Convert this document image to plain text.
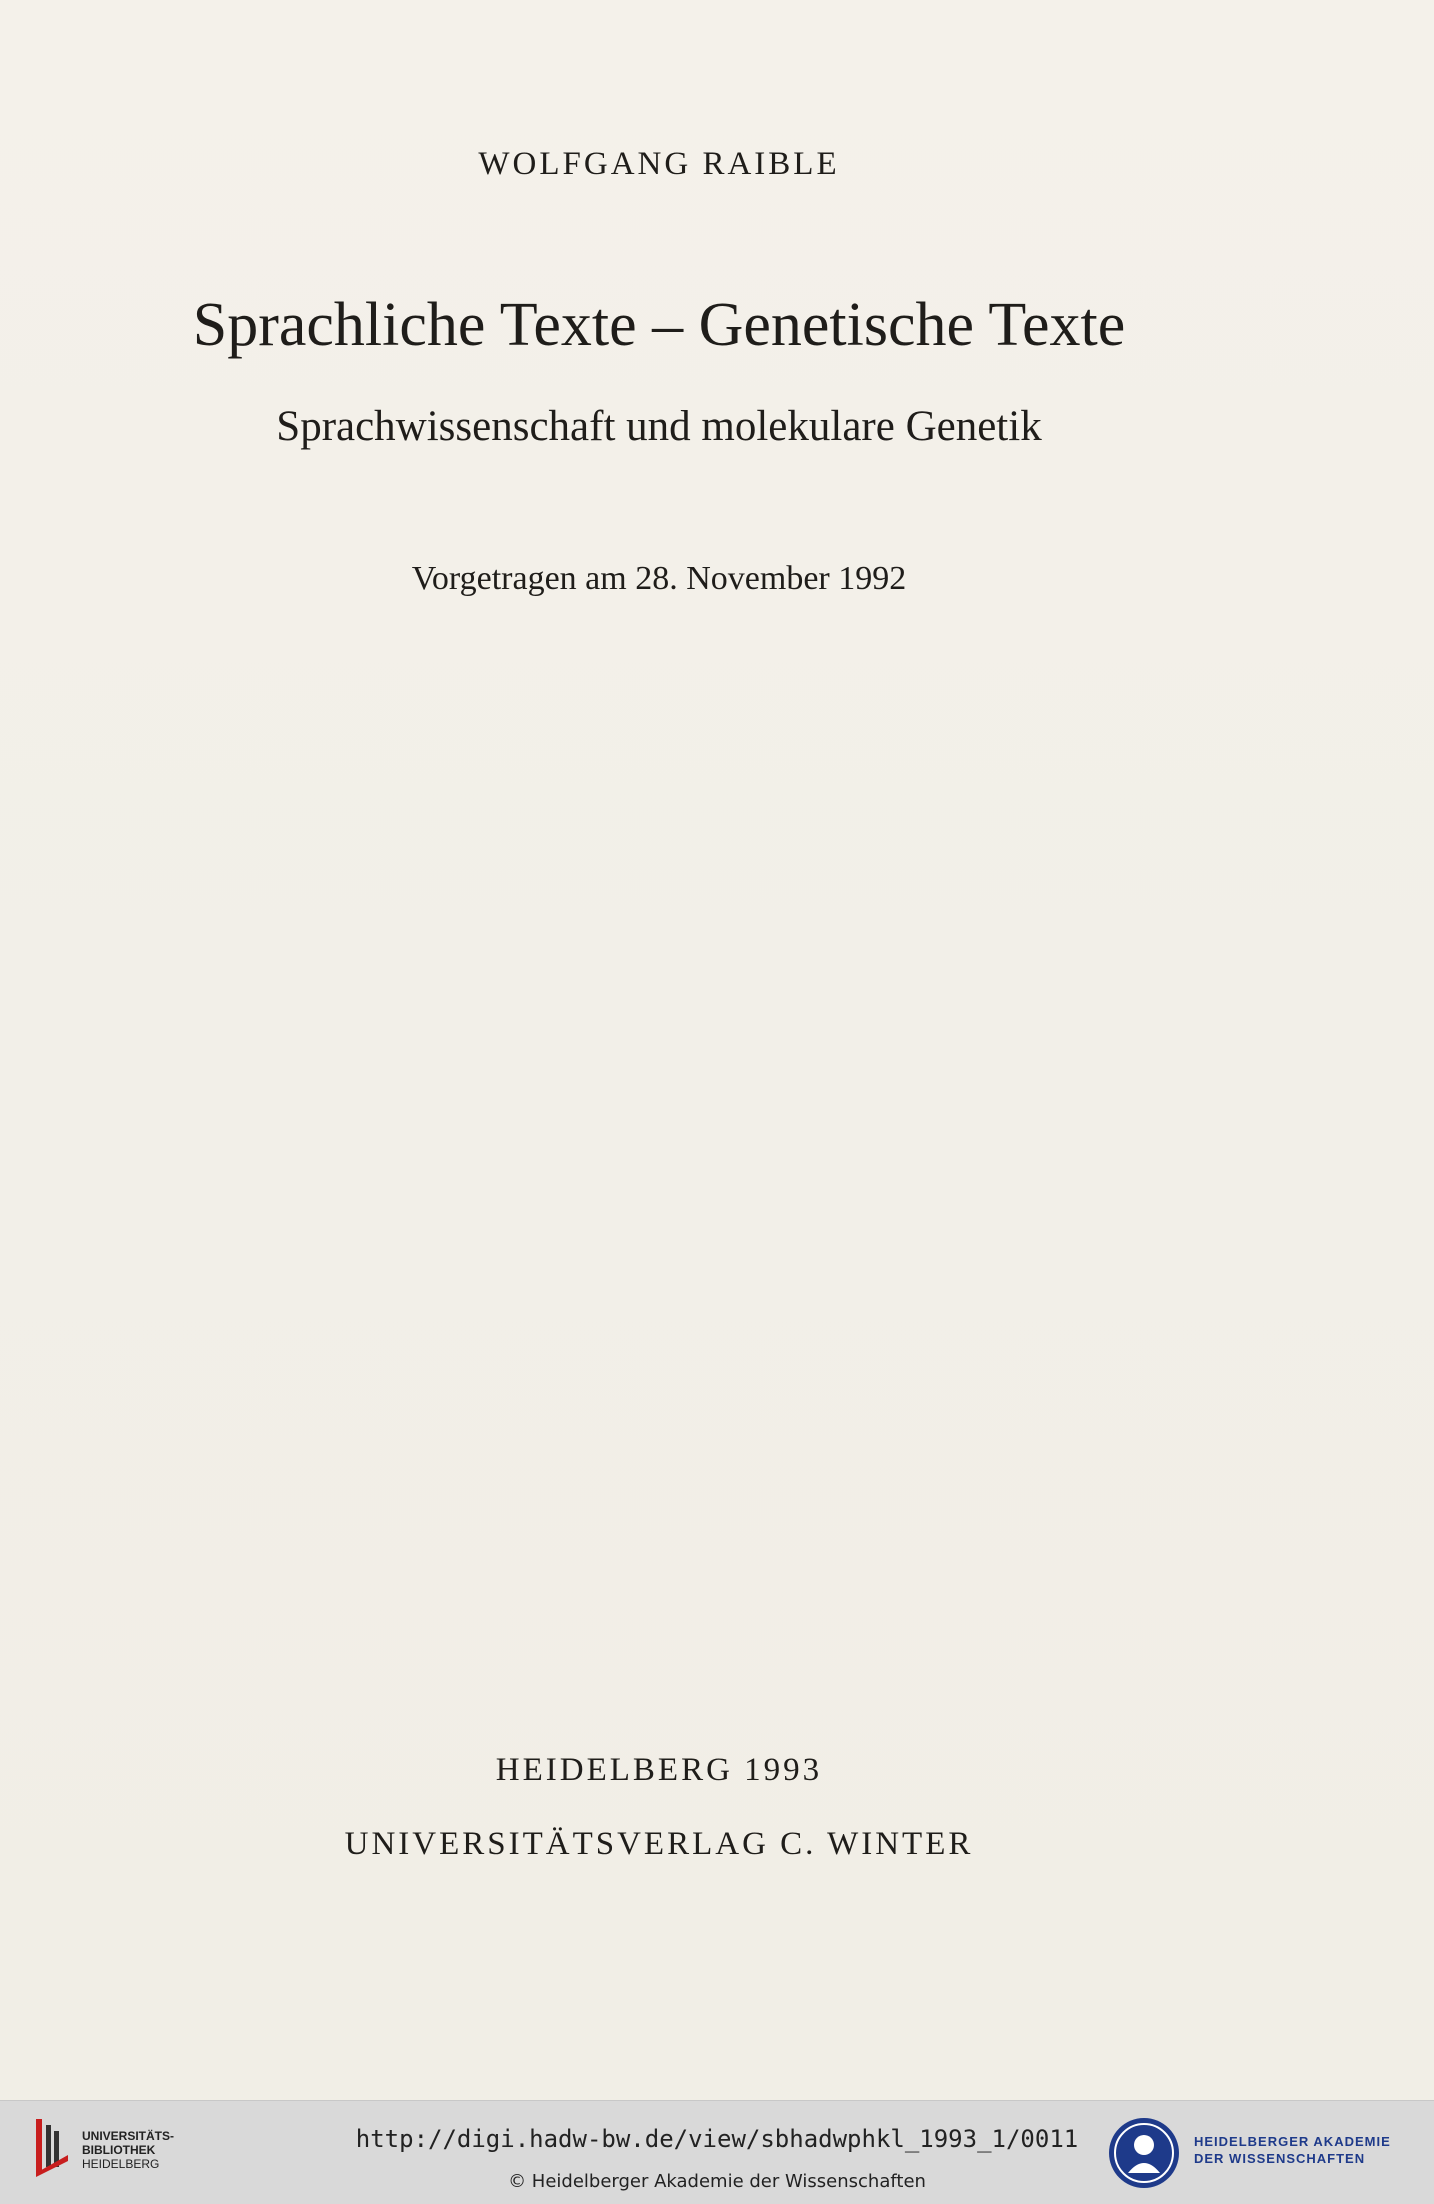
WOLFGANG RAIBLE
Sprachliche Texte – Genetische Texte
Sprachwissenschaft und molekulare Genetik
Vorgetragen am 28. November 1992
HEIDELBERG 1993
UNIVERSITÄTSVERLAG C. WINTER
UNIVERSITÄTS-
BIBLIOTHEK
HEIDELBERG
http://digi.hadw-bw.de/view/sbhadwphkl_1993_1/0011
© Heidelberger Akademie der Wissenschaften
HEIDELBERGER AKADEMIE
DER WISSENSCHAFTEN
